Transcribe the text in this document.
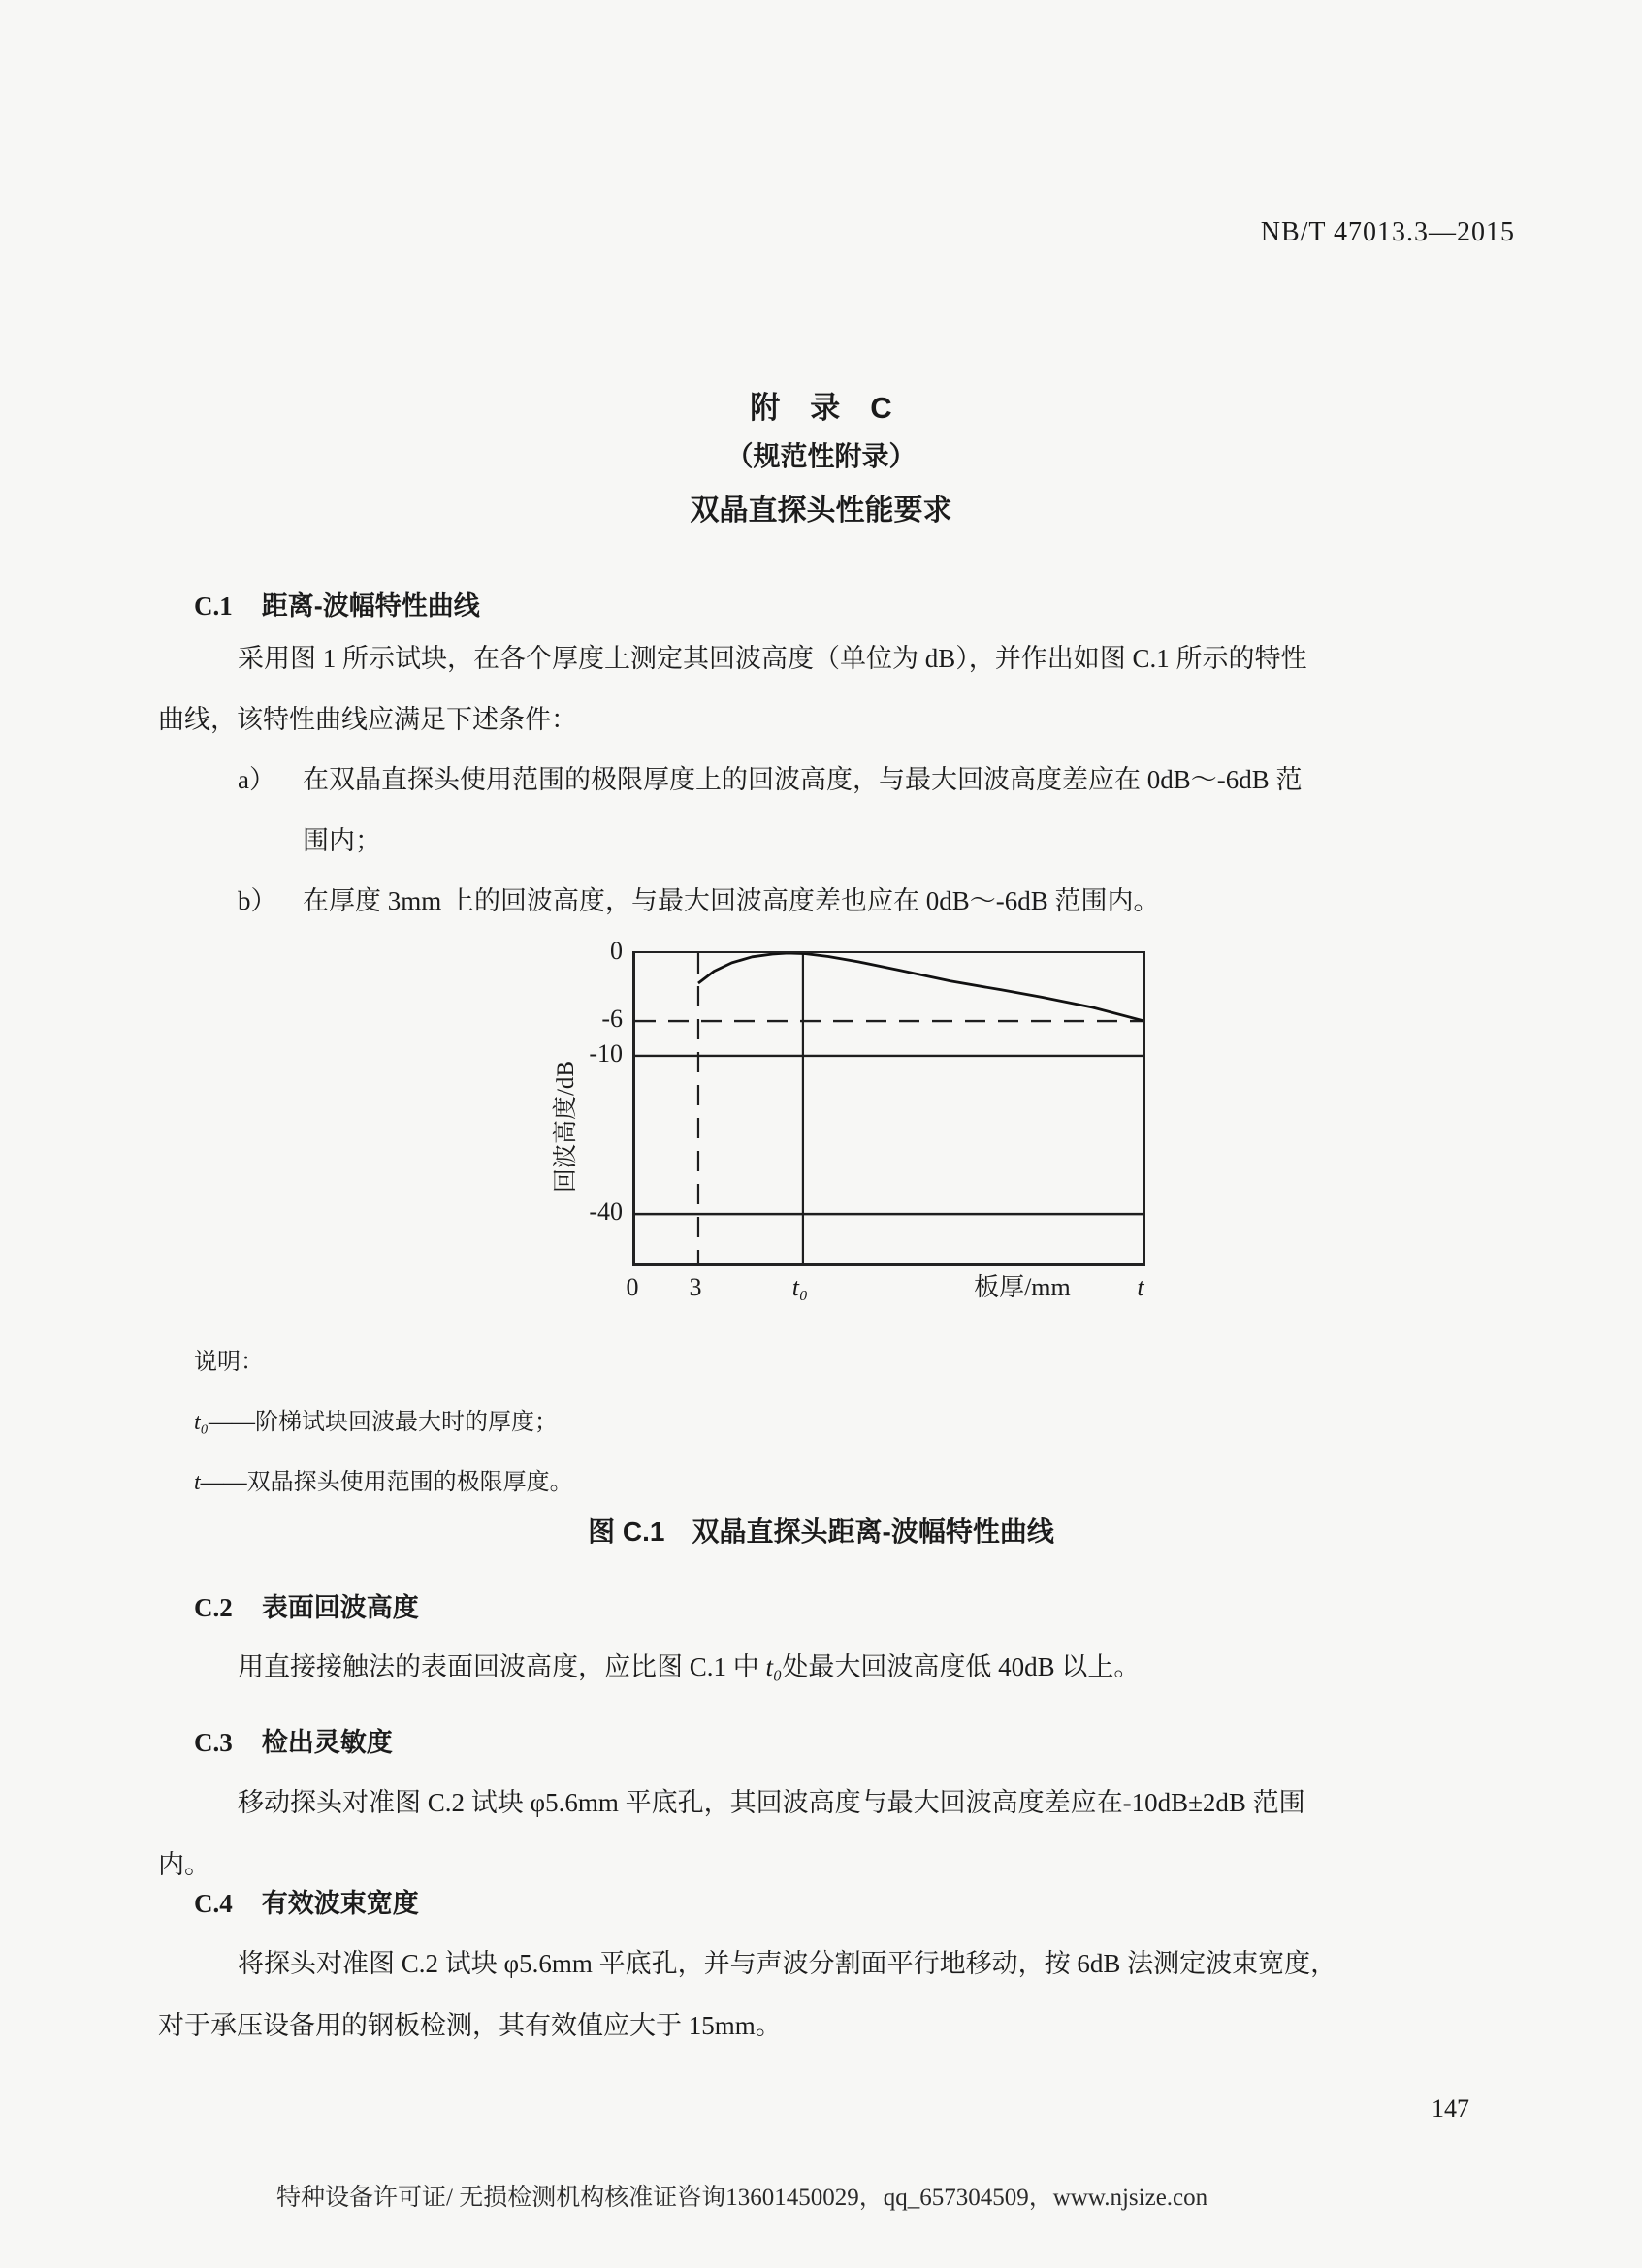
NB/T 47013.3—2015
附　录　C
（规范性附录）
双晶直探头性能要求
C.1 距离-波幅特性曲线
采用图 1 所示试块，在各个厚度上测定其回波高度（单位为 dB），并作出如图 C.1 所示的特性
曲线，该特性曲线应满足下述条件：
a） 在双晶直探头使用范围的极限厚度上的回波高度，与最大回波高度差应在 0dB～-6dB 范
围内；
b） 在厚度 3mm 上的回波高度，与最大回波高度差也应在 0dB～-6dB 范围内。
回波高度/dB
0
-6
-10
-40
0	3	t₀	板厚/mm	t
说明：
t₀——阶梯试块回波最大时的厚度；
t——双晶探头使用范围的极限厚度。
图 C.1　双晶直探头距离-波幅特性曲线
C.2 表面回波高度
用直接接触法的表面回波高度，应比图 C.1 中 t₀处最大回波高度低 40dB 以上。
C.3 检出灵敏度
移动探头对准图 C.2 试块 φ5.6mm 平底孔，其回波高度与最大回波高度差应在-10dB±2dB 范围
内。
C.4 有效波束宽度
将探头对准图 C.2 试块 φ5.6mm 平底孔，并与声波分割面平行地移动，按 6dB 法测定波束宽度，
对于承压设备用的钢板检测，其有效值应大于 15mm。
147
特种设备许可证/ 无损检测机构核准证咨询13601450029，qq_657304509，www.njsize.con
